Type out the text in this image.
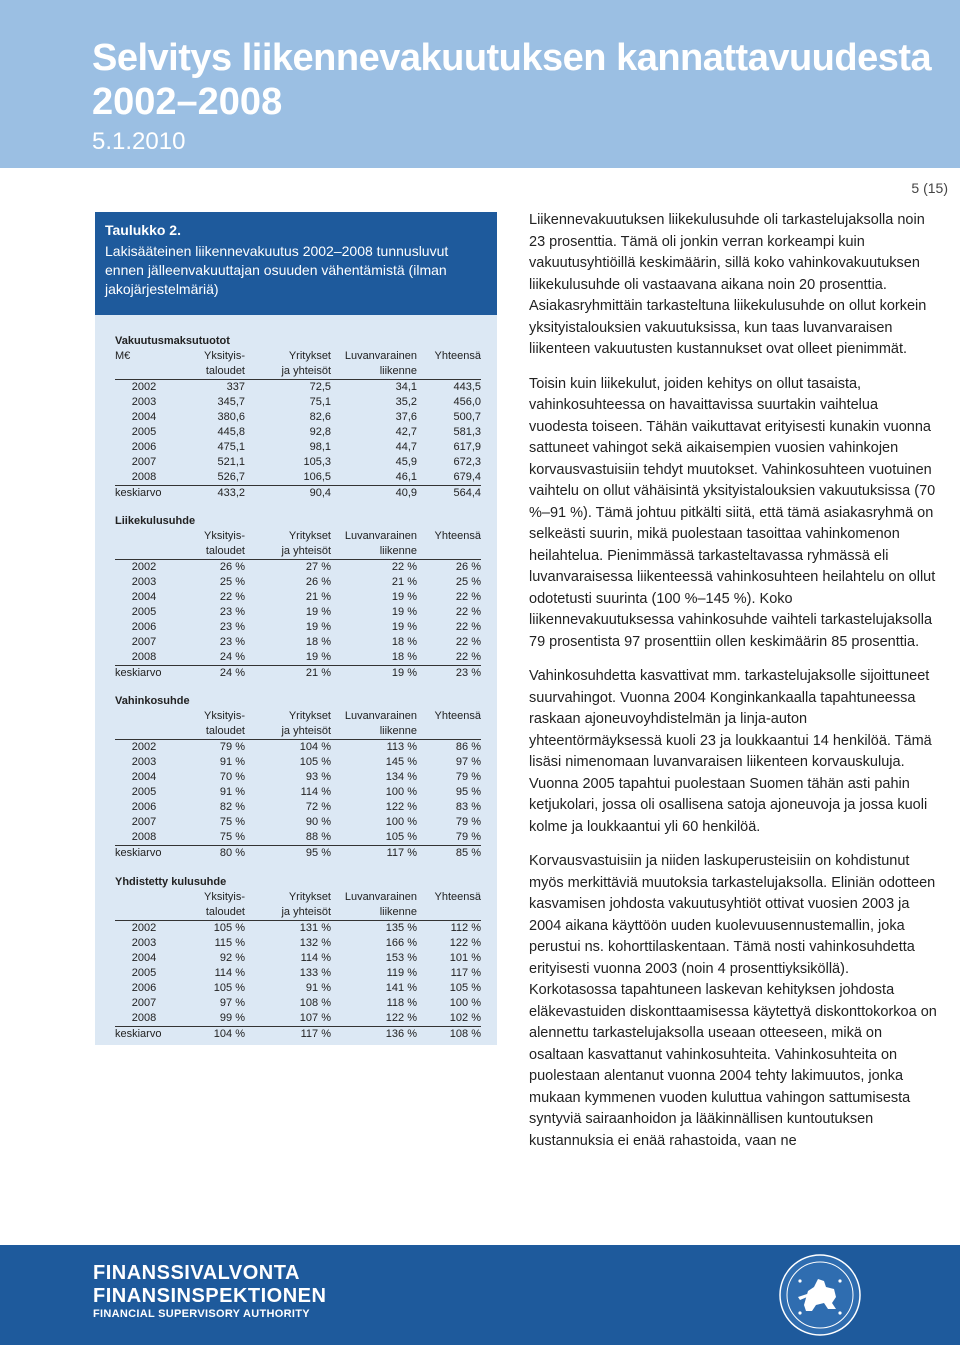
Selvitys liikennevakuutuksen kannattavuudesta
2002–2008
5.1.2010
5 (15)
Taulukko 2.
Lakisääteinen liikennevakuutus 2002–2008 tunnusluvut ennen jälleenvakuuttajan osuuden vähentämistä (ilman jakojärjestelmäriä)
Vakuutusmaksutuotot
M€	Yksityis-	Yritykset	Luvanvarainen	Yhteensä
taloudet	ja yhteisöt	liikenne
2002	337	72,5	34,1	443,5
2003	345,7	75,1	35,2	456,0
2004	380,6	82,6	37,6	500,7
2005	445,8	92,8	42,7	581,3
2006	475,1	98,1	44,7	617,9
2007	521,1	105,3	45,9	672,3
2008	526,7	106,5	46,1	679,4
keskiarvo	433,2	90,4	40,9	564,4
Liikekulusuhde
Yksityis-	Yritykset	Luvanvarainen	Yhteensä
taloudet	ja yhteisöt	liikenne
2002	26 %	27 %	22 %	26 %
2003	25 %	26 %	21 %	25 %
2004	22 %	21 %	19 %	22 %
2005	23 %	19 %	19 %	22 %
2006	23 %	19 %	19 %	22 %
2007	23 %	18 %	18 %	22 %
2008	24 %	19 %	18 %	22 %
keskiarvo	24 %	21 %	19 %	23 %
Vahinkosuhde
Yksityis-	Yritykset	Luvanvarainen	Yhteensä
taloudet	ja yhteisöt	liikenne
2002	79 %	104 %	113 %	86 %
2003	91 %	105 %	145 %	97 %
2004	70 %	93 %	134 %	79 %
2005	91 %	114 %	100 %	95 %
2006	82 %	72 %	122 %	83 %
2007	75 %	90 %	100 %	79 %
2008	75 %	88 %	105 %	79 %
keskiarvo	80 %	95 %	117 %	85 %
Yhdistetty kulusuhde
Yksityis-	Yritykset	Luvanvarainen	Yhteensä
taloudet	ja yhteisöt	liikenne
2002	105 %	131 %	135 %	112 %
2003	115 %	132 %	166 %	122 %
2004	92 %	114 %	153 %	101 %
2005	114 %	133 %	119 %	117 %
2006	105 %	91 %	141 %	105 %
2007	97 %	108 %	118 %	100 %
2008	99 %	107 %	122 %	102 %
keskiarvo	104 %	117 %	136 %	108 %

Liikennevakuutuksen liikekulusuhde oli tarkastelujaksolla noin 23 prosenttia. Tämä oli jonkin verran korkeampi kuin vakuutusyhtiöillä keskimäärin, sillä koko vahinkovakuutuksen liikekulusuhde oli vastaavana aikana noin 20 prosenttia. Asiakasryhmittäin tarkasteltuna liikekulusuhde on ollut korkein yksityistalouksien vakuutuksissa, kun taas luvanvaraisen liikenteen vakuutusten kustannukset ovat olleet pienimmät.

Toisin kuin liikekulut, joiden kehitys on ollut tasaista, vahinkosuhteessa on havaittavissa suurtakin vaihtelua vuodesta toiseen. Tähän vaikuttavat erityisesti kunakin vuonna sattuneet vahingot sekä aikaisempien vuosien vahinkojen korvausvastuisiin tehdyt muutokset. Vahinkosuhteen vuotuinen vaihtelu on ollut vähäisintä yksityistalouksien vakuutuksissa (70 %–91 %). Tämä johtuu pitkälti siitä, että tämä asiakasryhmä on selkeästi suurin, mikä puolestaan tasoittaa vahinkomenon heilahtelua. Pienimmässä tarkasteltavassa ryhmässä eli luvanvaraisessa liikenteessä vahinkosuhteen heilahtelu on ollut odotetusti suurinta (100 %–145 %). Koko liikennevakuutuksessa vahinkosuhde vaihteli tarkastelujaksolla 79 prosentista 97 prosenttiin ollen keskimäärin 85 prosenttia.

Vahinkosuhdetta kasvattivat mm. tarkastelujaksolle sijoittuneet suurvahingot. Vuonna 2004 Konginkankaalla tapahtuneessa raskaan ajoneuvoyhdistelmän ja linja-auton yhteentörmäyksessä kuoli 23 ja loukkaantui 14 henkilöä. Tämä lisäsi nimenomaan luvanvaraisen liikenteen korvauskuluja. Vuonna 2005 tapahtui puolestaan Suomen tähän asti pahin ketjukolari, jossa oli osallisena satoja ajoneuvoja ja jossa kuoli kolme ja loukkaantui yli 60 henkilöä.

Korvausvastuisiin ja niiden laskuperusteisiin on kohdistunut myös merkittäviä muutoksia tarkastelujaksolla. Eliniän odotteen kasvamisen johdosta vakuutusyhtiöt ottivat vuosien 2003 ja 2004 aikana käyttöön uuden kuolevuusennustemallin, joka perustui ns. kohorttilaskentaan. Tämä nosti vahinkosuhdetta erityisesti vuonna 2003 (noin 4 prosenttiyksiköllä). Korkotasossa tapahtuneen laskevan kehityksen johdosta eläkevastuiden diskonttaamisessa käytettyä diskonttokorkoa on alennettu tarkastelujaksolla useaan otteeseen, mikä on osaltaan kasvattanut vahinkosuhteita. Vahinkosuhteita on puolestaan alentanut vuonna 2004 tehty lakimuutos, jonka mukaan kymmenen vuoden kuluttua vahingon sattumisesta syntyviä sairaanhoidon ja lääkinnällisen kuntoutuksen kustannuksia ei enää rahastoida, vaan ne

FINANSSIVALVONTA
FINANSINSPEKTIONEN
FINANCIAL SUPERVISORY AUTHORITY
